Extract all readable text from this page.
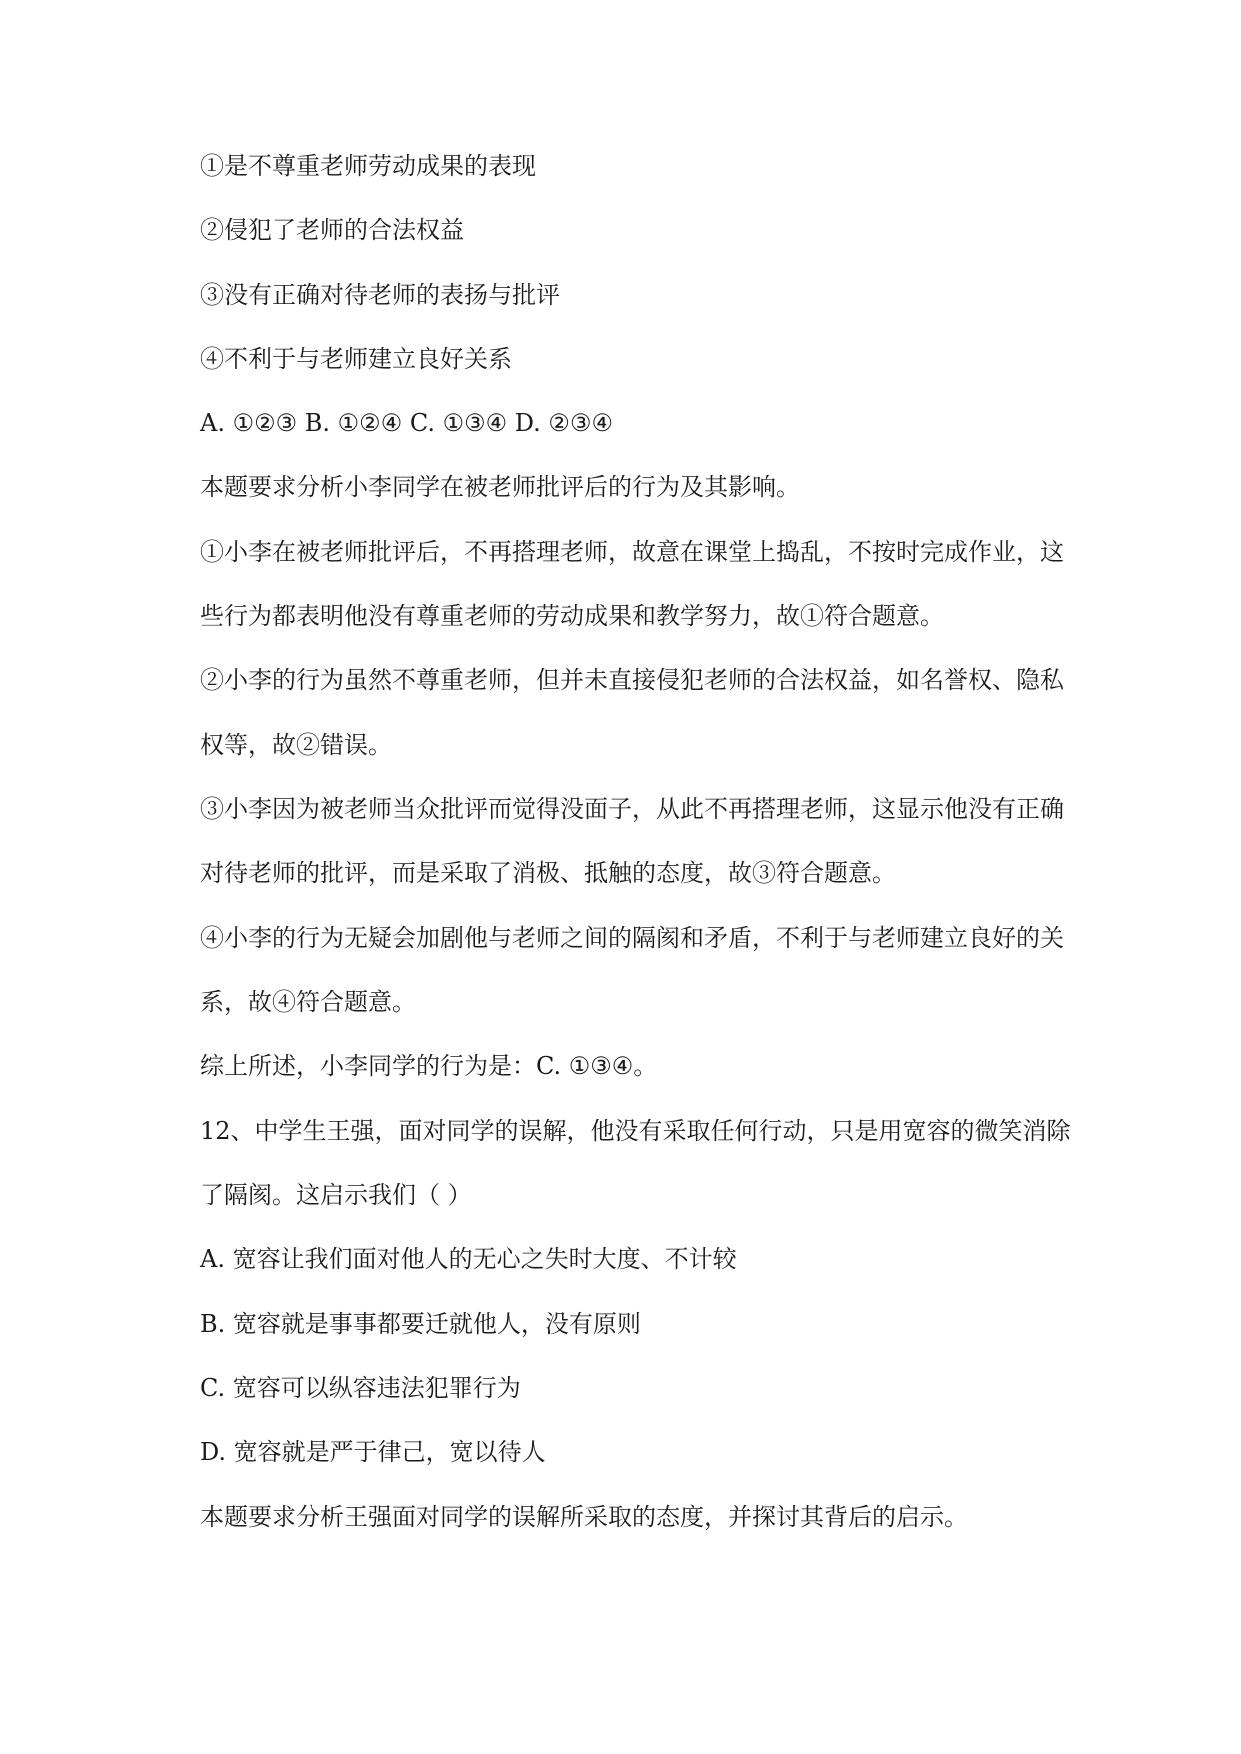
①是不尊重老师劳动成果的表现

②侵犯了老师的合法权益

③没有正确对待老师的表扬与批评

④不利于与老师建立良好关系

A. ①②③ B. ①②④ C. ①③④ D. ②③④

本题要求分析小李同学在被老师批评后的行为及其影响。

①小李在被老师批评后，不再搭理老师，故意在课堂上捣乱，不按时完成作业，这

些行为都表明他没有尊重老师的劳动成果和教学努力，故①符合题意。

②小李的行为虽然不尊重老师，但并未直接侵犯老师的合法权益，如名誉权、隐私

权等，故②错误。

③小李因为被老师当众批评而觉得没面子，从此不再搭理老师，这显示他没有正确

对待老师的批评，而是采取了消极、抵触的态度，故③符合题意。

④小李的行为无疑会加剧他与老师之间的隔阂和矛盾，不利于与老师建立良好的关

系，故④符合题意。

综上所述，小李同学的行为是：C. ①③④。

12、中学生王强，面对同学的误解，他没有采取任何行动，只是用宽容的微笑消除

了隔阂。这启示我们（ ）

A. 宽容让我们面对他人的无心之失时大度、不计较

B. 宽容就是事事都要迁就他人，没有原则

C. 宽容可以纵容违法犯罪行为

D. 宽容就是严于律己，宽以待人

本题要求分析王强面对同学的误解所采取的态度，并探讨其背后的启示。
